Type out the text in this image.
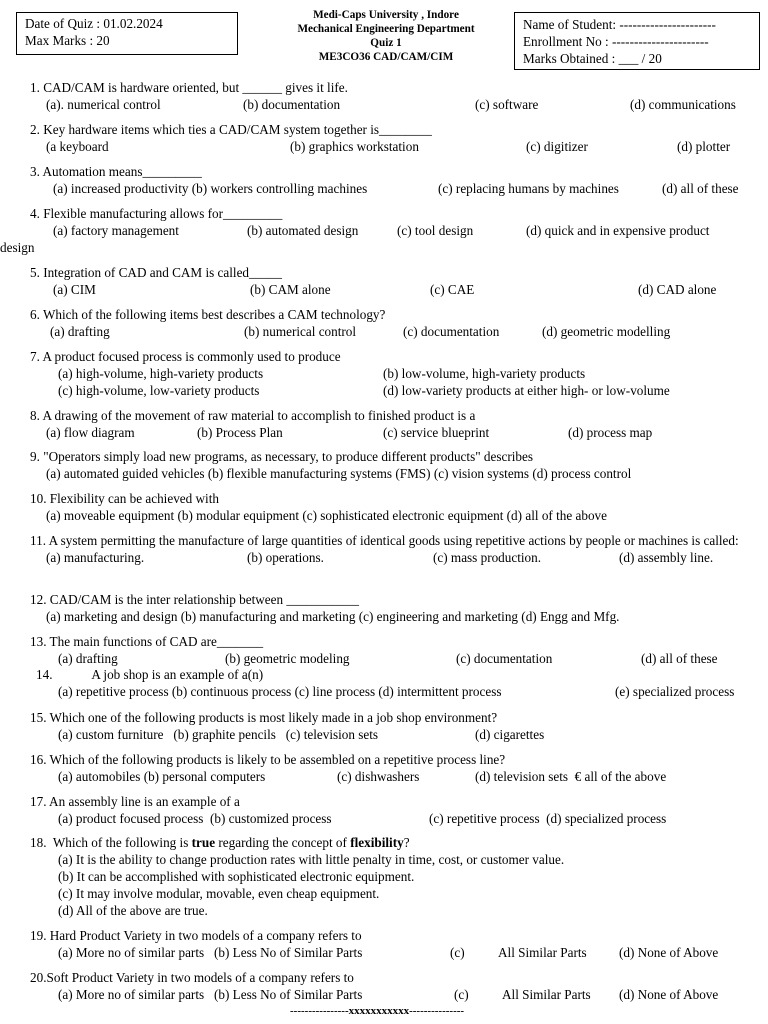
Date of Quiz : 01.02.2024
Max Marks : 20
Medi-Caps University , Indore
Mechanical Engineering Department
Quiz 1
ME3CO36 CAD/CAM/CIM
Name of Student: ----------------------
Enrollment No : ----------------------
Marks Obtained : ___ / 20
1. CAD/CAM is hardware oriented, but ______ gives it life.
(a). numerical control	(b) documentation	(c) software	(d) communications
2. Key hardware items which ties a CAD/CAM system together is________
(a keyboard	(b) graphics workstation	(c) digitizer	(d) plotter
3. Automation means_________
(a) increased productivity (b) workers controlling machines	(c) replacing humans by machines	(d) all of these
4. Flexible manufacturing allows for_________
(a) factory management	(b) automated design	(c) tool design	(d) quick and in expensive product
design
5. Integration of CAD and CAM is called_____
(a) CIM	(b) CAM alone	(c) CAE	(d) CAD alone
6. Which of the following items best describes a CAM technology?
(a) drafting	(b) numerical control	(c) documentation	(d) geometric modelling
7. A product focused process is commonly used to produce
(a) high-volume, high-variety products	(b) low-volume, high-variety products
(c) high-volume, low-variety products	(d) low-variety products at either high- or low-volume
8. A drawing of the movement of raw material to accomplish to finished product is a
(a) flow diagram	(b) Process Plan	(c) service blueprint	(d) process map
9. "Operators simply load new programs, as necessary, to produce different products" describes
(a) automated guided vehicles (b) flexible manufacturing systems (FMS) (c) vision systems (d) process control
10. Flexibility can be achieved with
(a) moveable equipment (b) modular equipment (c) sophisticated electronic equipment (d) all of the above
11. A system permitting the manufacture of large quantities of identical goods using repetitive actions by people or machines is called:
(a) manufacturing.	(b) operations.	(c) mass production.	(d) assembly line.
12. CAD/CAM is the inter relationship between ___________
(a) marketing and design (b) manufacturing and marketing (c) engineering and marketing (d) Engg and Mfg.
13. The main functions of CAD are_______
(a) drafting	(b) geometric modeling	(c) documentation	(d) all of these
14.            A job shop is an example of a(n)
(a) repetitive process (b) continuous process (c) line process (d) intermittent process	(e) specialized process
15. Which one of the following products is most likely made in a job shop environment?
(a) custom furniture   (b) graphite pencils   (c) television sets	(d) cigarettes
16. Which of the following products is likely to be assembled on a repetitive process line?
(a) automobiles (b) personal computers	(c) dishwashers	(d) television sets  € all of the above
17. An assembly line is an example of a
(a) product focused process  (b) customized process	(c) repetitive process  (d) specialized process
18.  Which of the following is true regarding the concept of flexibility?
(a) It is the ability to change production rates with little penalty in time, cost, or customer value.
(b) It can be accomplished with sophisticated electronic equipment.
(c) It may involve modular, movable, even cheap equipment.
(d) All of the above are true.
19. Hard Product Variety in two models of a company refers to
(a) More no of similar parts   (b) Less No of Similar Parts	(c)	All Similar Parts (d) None of Above
20.Soft Product Variety in two models of a company refers to
(a) More no of similar parts   (b) Less No of Similar Parts	(c)	All Similar Parts (d) None of Above
----------------xxxxxxxxxxx---------------
